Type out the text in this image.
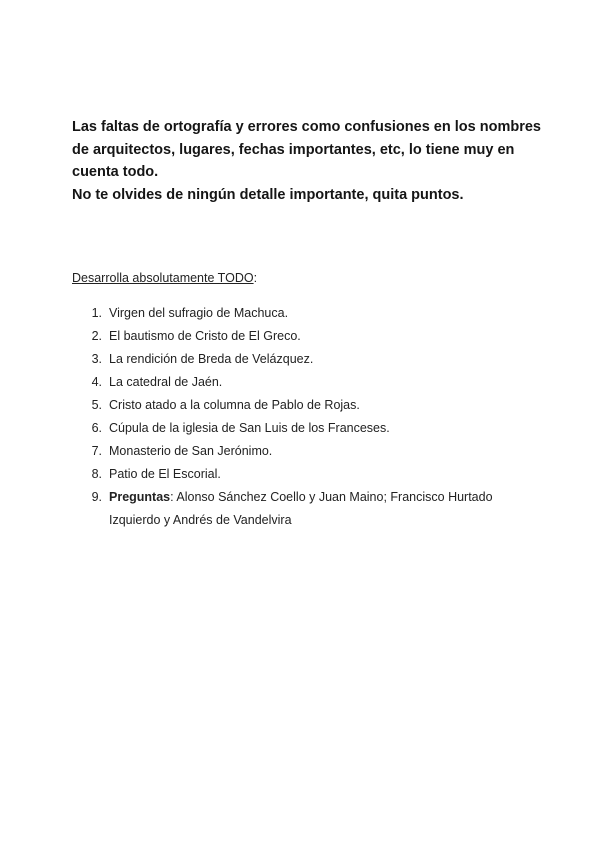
Las faltas de ortografía y errores como confusiones en los nombres de arquitectos, lugares, fechas importantes, etc, lo tiene muy en cuenta todo.

No te olvides de ningún detalle importante, quita puntos.

Desarrolla absolutamente TODO:

1. Virgen del sufragio de Machuca.
2. El bautismo de Cristo de El Greco.
3. La rendición de Breda de Velázquez.
4. La catedral de Jaén.
5. Cristo atado a la columna de Pablo de Rojas.
6. Cúpula de la iglesia de San Luis de los Franceses.
7. Monasterio de San Jerónimo.
8. Patio de El Escorial.
9. Preguntas: Alonso Sánchez Coello y Juan Maino; Francisco Hurtado Izquierdo y Andrés de Vandelvira
